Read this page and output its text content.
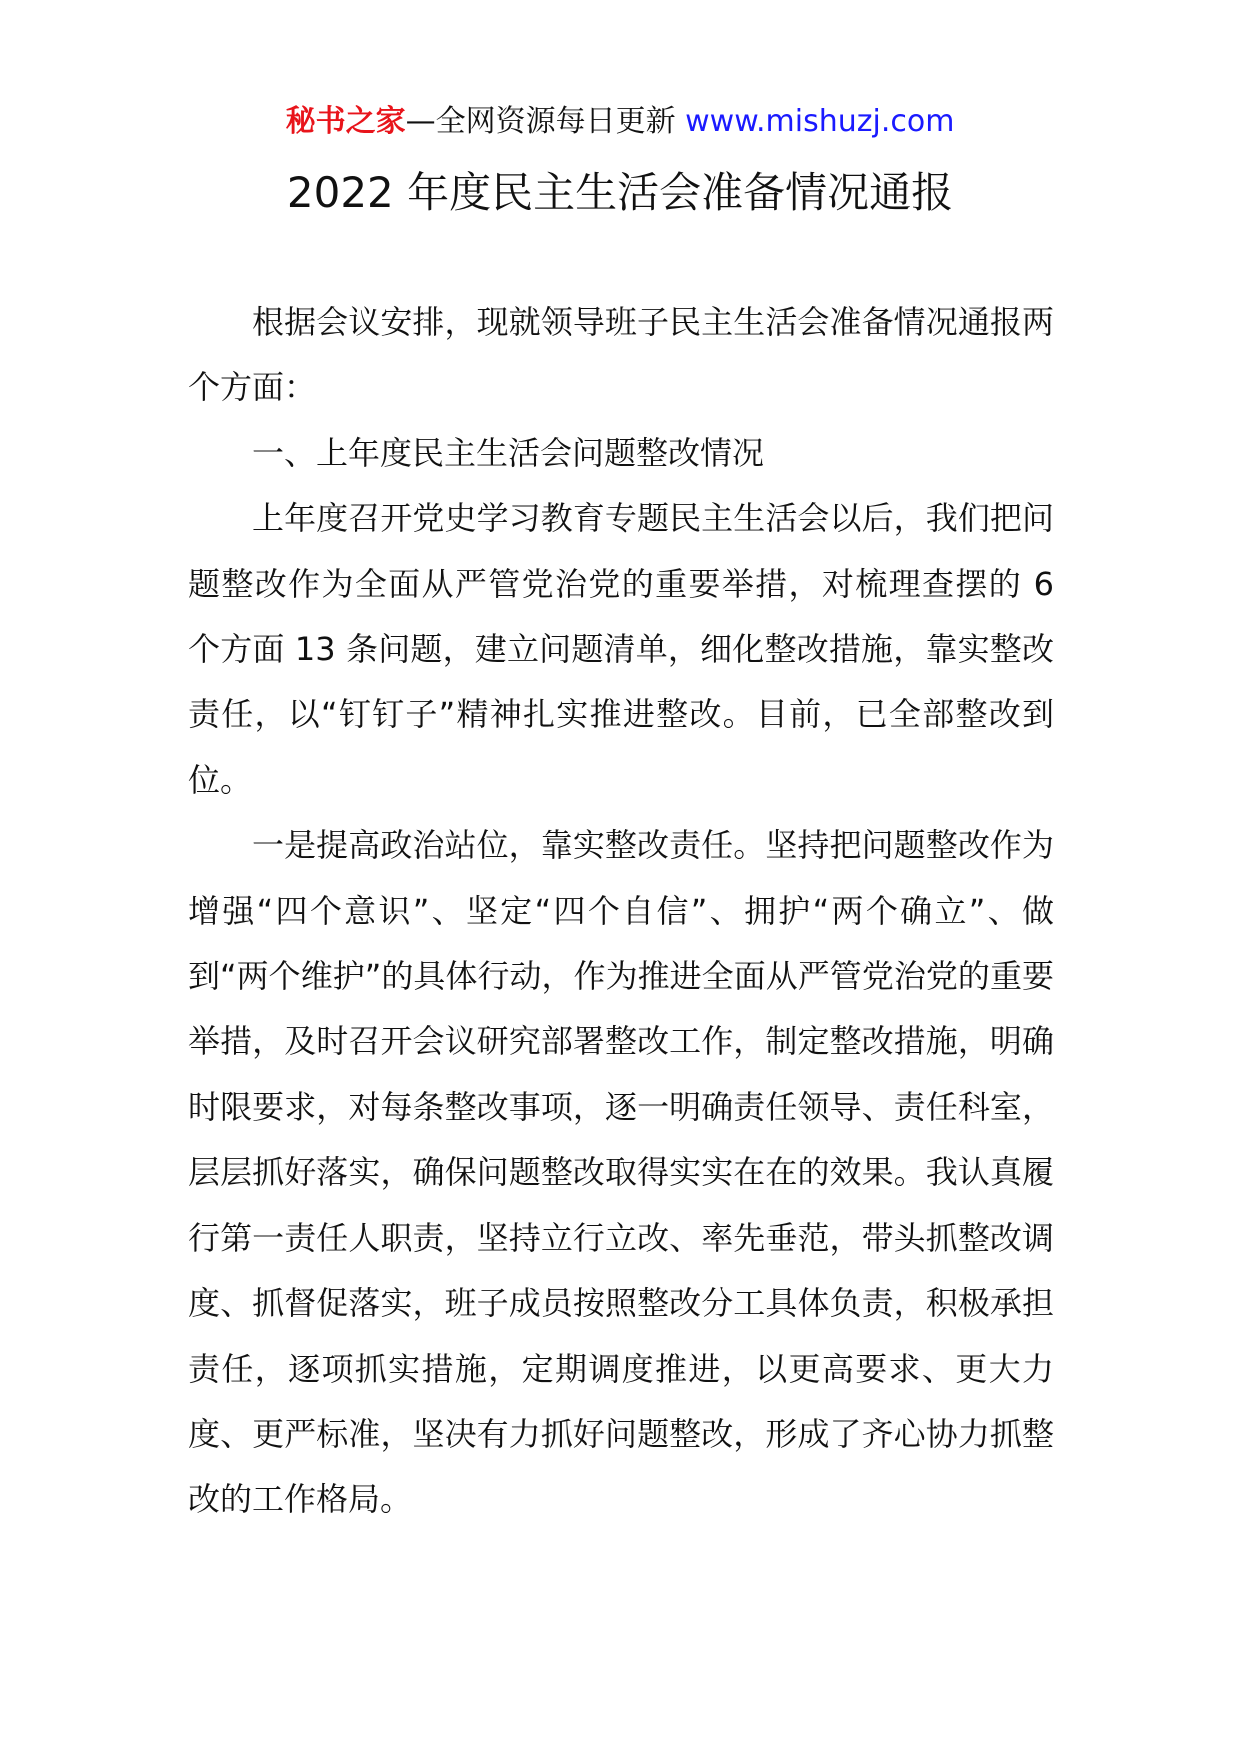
秘书之家—全网资源每日更新 www.mishuzj.com
2022 年度民主生活会准备情况通报

根据会议安排，现就领导班子民主生活会准备情况通报两个方面：

一、上年度民主生活会问题整改情况

上年度召开党史学习教育专题民主生活会以后，我们把问题整改作为全面从严管党治党的重要举措，对梳理查摆的 6 个方面 13 条问题，建立问题清单，细化整改措施，靠实整改责任，以“钉钉子”精神扎实推进整改。目前，已全部整改到位。

一是提高政治站位，靠实整改责任。坚持把问题整改作为增强“四个意识”、坚定“四个自信”、拥护“两个确立”、做到“两个维护”的具体行动，作为推进全面从严管党治党的重要举措，及时召开会议研究部署整改工作，制定整改措施，明确时限要求，对每条整改事项，逐一明确责任领导、责任科室，层层抓好落实，确保问题整改取得实实在在的效果。我认真履行第一责任人职责，坚持立行立改、率先垂范，带头抓整改调度、抓督促落实，班子成员按照整改分工具体负责，积极承担责任，逐项抓实措施，定期调度推进，以更高要求、更大力度、更严标准，坚决有力抓好问题整改，形成了齐心协力抓整改的工作格局。
